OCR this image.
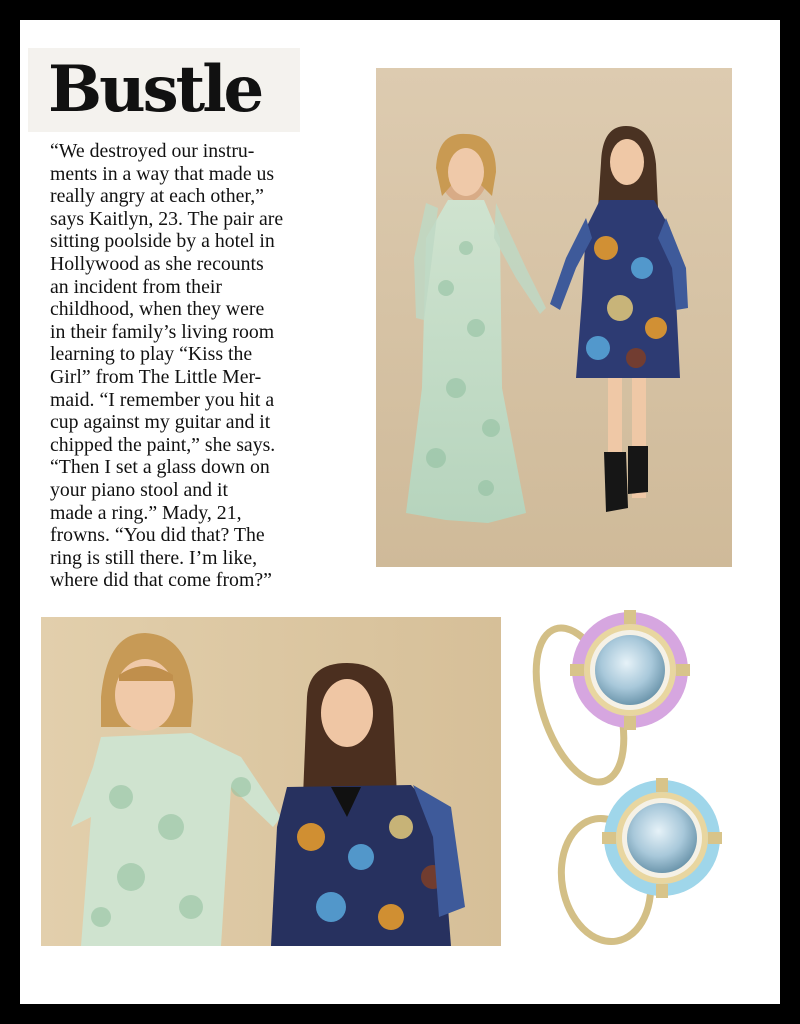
Bustle
“We destroyed our instru-
ments in a way that made us
really angry at each other,”
says Kaitlyn, 23. The pair are
sitting poolside by a hotel in
Hollywood as she recounts
an incident from their
childhood, when they were
in their family’s living room
learning to play “Kiss the
Girl” from The Little Mer-
maid. “I remember you hit a
cup against my guitar and it
chipped the paint,” she says.
“Then I set a glass down on
your piano stool and it
made a ring.” Mady, 21,
frowns. “You did that? The
ring is still there. I’m like,
where did that come from?”
